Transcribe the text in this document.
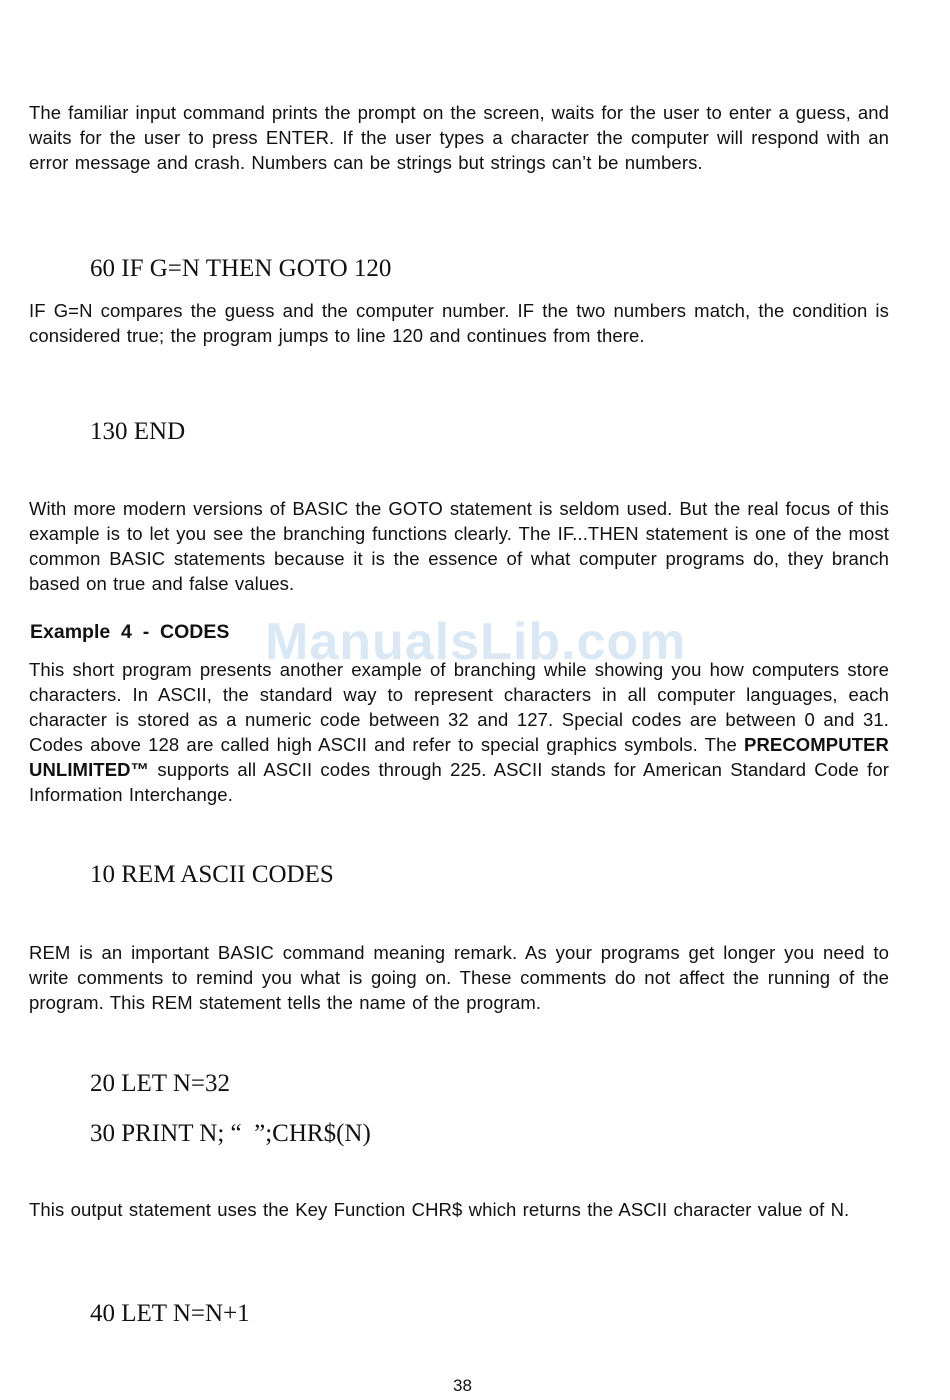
The familiar input command prints the prompt on the screen, waits for the user to enter a guess, and waits for the user to press ENTER. If the user types a character the computer will respond with an error message and crash. Numbers can be strings but strings can’t be numbers.

60 IF G=N THEN GOTO 120

IF G=N compares the guess and the computer number. IF the two numbers match, the condition is considered true; the program jumps to line 120 and continues from there.

130 END

With more modern versions of BASIC the GOTO statement is seldom used. But the real focus of this example is to let you see the branching functions clearly. The IF...THEN statement is one of the most common BASIC statements because it is the essence of what computer programs do, they branch based on true and false values.

Example  4  -  CODES

This short program presents another example of branching while showing you how computers store characters. In ASCII, the standard way to represent characters in all computer languages, each character is stored as a numeric code between 32 and 127. Special codes are between 0 and 31. Codes above 128 are called high ASCII and refer to special graphics symbols. The PRECOMPUTER UNLIMITED™ supports all ASCII codes through 225. ASCII stands for American Standard Code for Information Interchange.

10 REM ASCII CODES

REM is an important BASIC command meaning remark. As your programs get longer you need to write comments to remind you what is going on. These comments do not affect the running of the program. This REM statement tells the name of the program.

20 LET N=32
30 PRINT N; “  ”;CHR$(N)

This output statement uses the Key Function CHR$ which returns the ASCII character value of N.

40 LET N=N+1
38
ManualsLib.com
